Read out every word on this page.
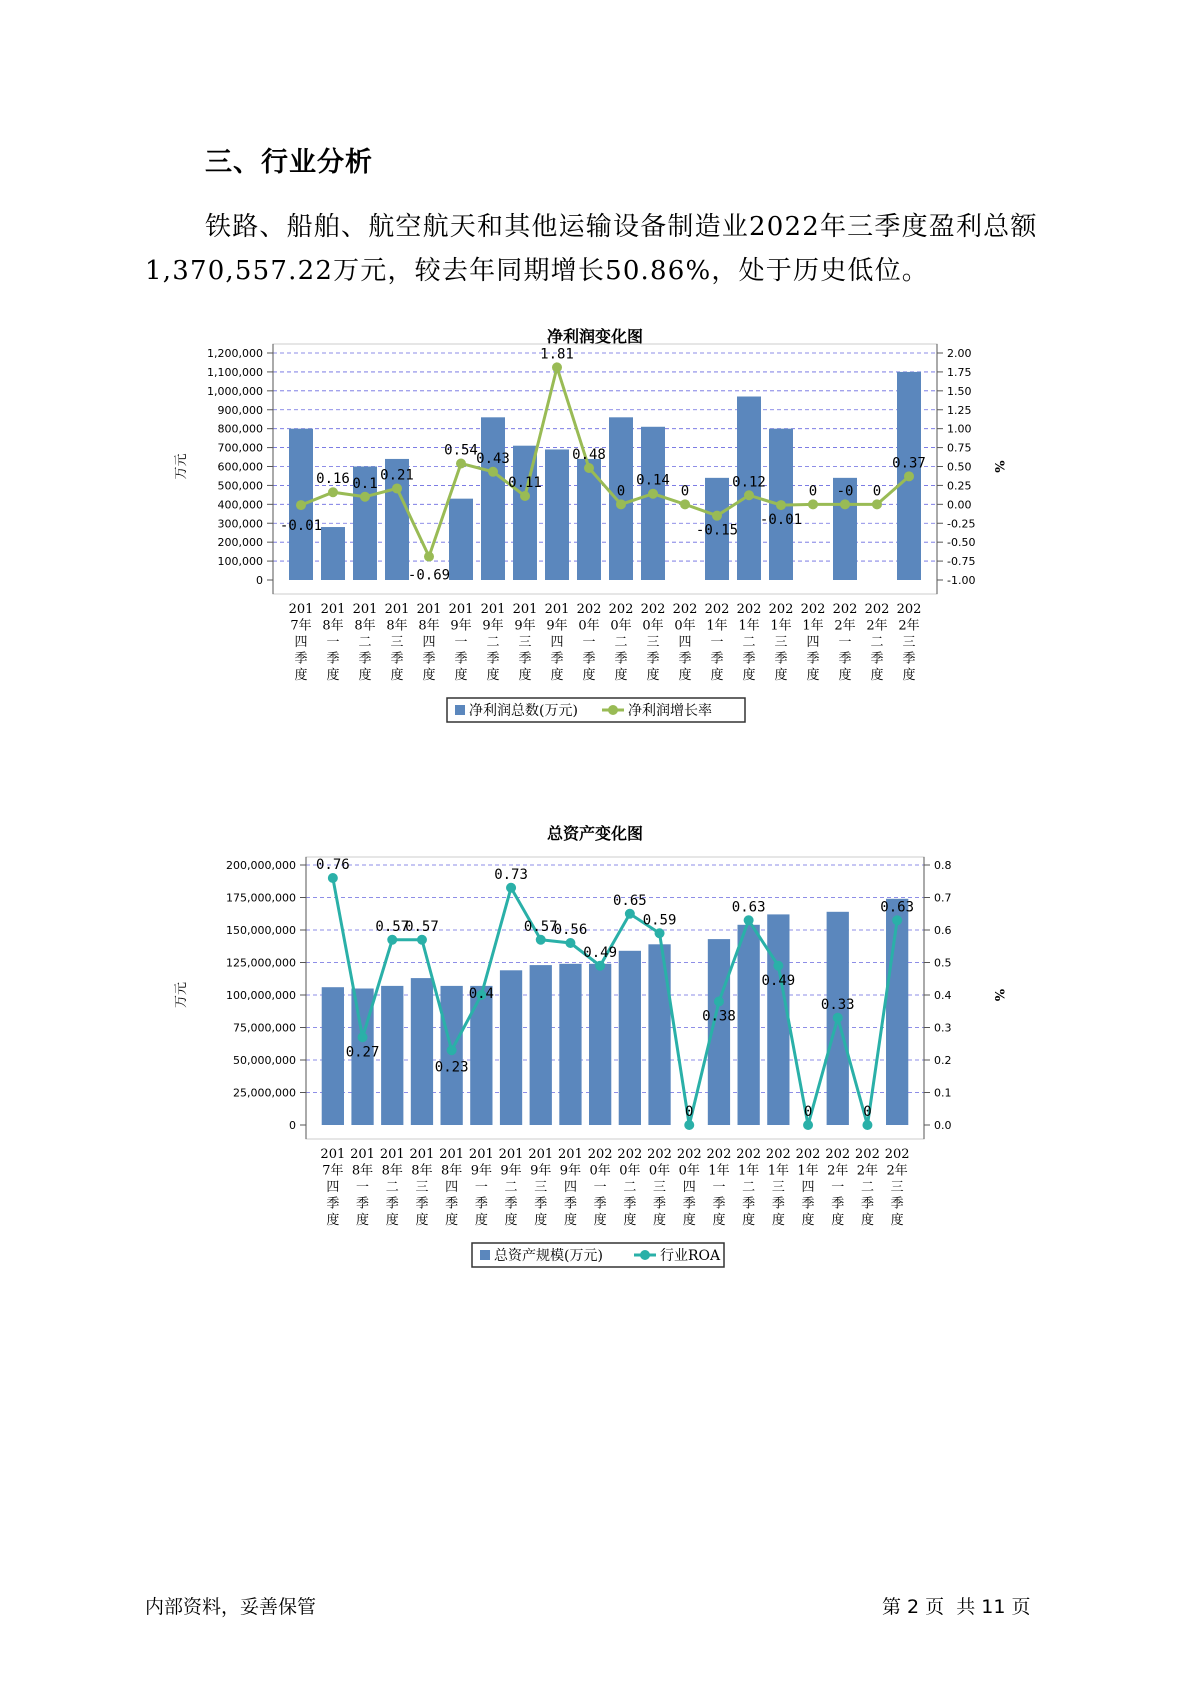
三、行业分析
铁路、船舶、航空航天和其他运输设备制造业2022年三季度盈利总额1,370,557.22万元，较去年同期增长50.86%，处于历史低位。
净利润变化图
0
100,000
200,000
300,000
400,000
500,000
600,000
700,000
800,000
900,000
1,000,000
1,100,000
1,200,000
-1.00
-0.75
-0.50
-0.25
0.00
0.25
0.50
0.75
1.00
1.25
1.50
1.75
2.00
万元	%
-0.01
0.16 0.1
0.21
-0.69
0.54
0.43
0.11
1.81
0.48
0
0.14
0
-0.15
0.12
-0.01
0 -0 0
0.37
201
7年
四
季
度
201
8年
一
季
度
201
8年
二
季
度
201
8年
三
季
度
201
8年
四
季
度
201
9年
一
季
度
201
9年
二
季
度
201
9年
三
季
度
201
9年
四
季
度
202
0年
一
季
度
202
0年
二
季
度
202
0年
三
季
度
202
0年
四
季
度
202
1年
一
季
度
202
1年
二
季
度
202
1年
三
季
度
202
1年
四
季
度
202
2年
一
季
度
202
2年
二
季
度
202
2年
三
季
度
净利润总数(万元)	净利润增长率
总资产变化图
0
25,000,000
50,000,000
75,000,000
100,000,000
125,000,000
150,000,000
175,000,000
200,000,000
0.0
0.1
0.2
0.3
0.4
0.5
0.6
0.7
0.8
万元	%
0.76
0.27
0.57
0.57
0.23
0.4
0.73
0.57
0.56
0.49
0.65
0.59
0
0.38
0.63
0.49
0
0.33
0
0.63
201
7年
四
季
度
201
8年
一
季
度
201
8年
二
季
度
201
8年
三
季
度
201
8年
四
季
度
201
9年
一
季
度
201
9年
二
季
度
201
9年
三
季
度
201
9年
四
季
度
202
0年
一
季
度
202
0年
二
季
度
202
0年
三
季
度
202
0年
四
季
度
202
1年
一
季
度
202
1年
二
季
度
202
1年
三
季
度
202
1年
四
季
度
202
2年
一
季
度
202
2年
二
季
度
202
2年
三
季
度
总资产规模(万元)	行业ROA
内部资料，妥善保管	第 2 页 共 11 页
